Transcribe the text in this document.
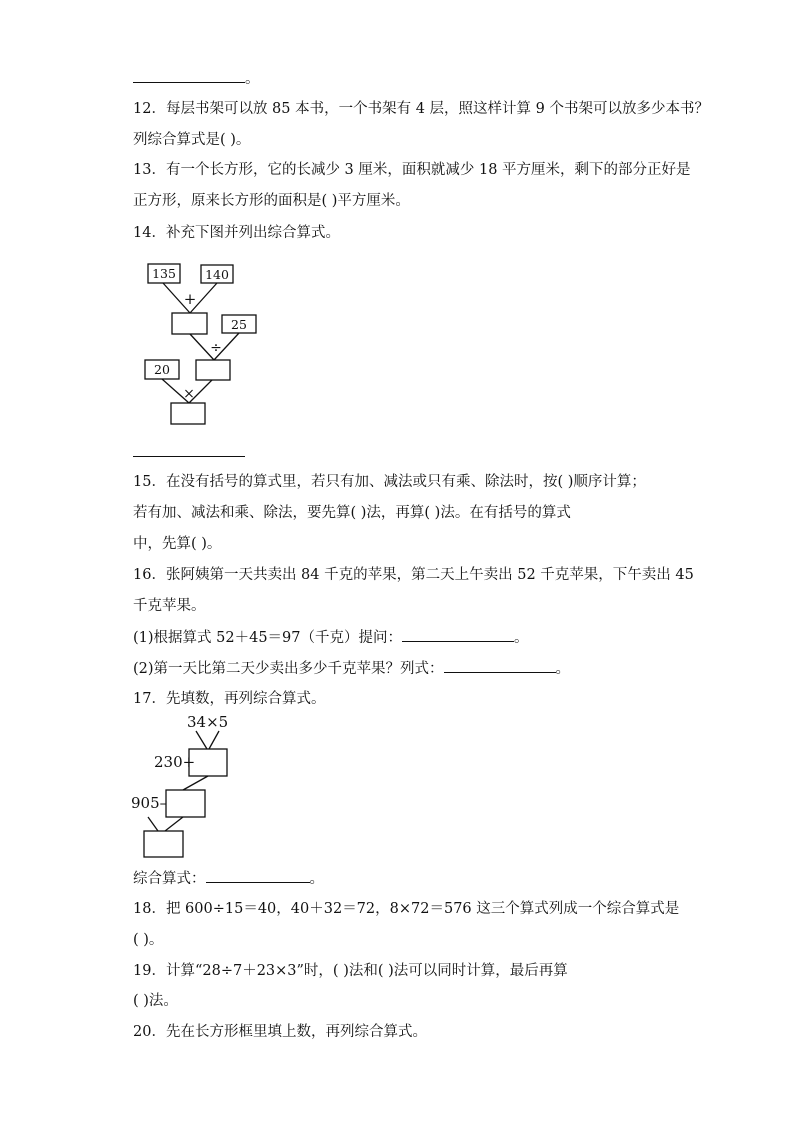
。
12．每层书架可以放 85 本书，一个书架有 4 层，照这样计算 9 个书架可以放多少本书？
列综合算式是( )。
13．有一个长方形，它的长减少 3 厘米，面积就减少 18 平方厘米，剩下的部分正好是
正方形，原来长方形的面积是( )平方厘米。
14．补充下图并列出综合算式。
135 140
+
25
÷
20
×
15．在没有括号的算式里，若只有加、减法或只有乘、除法时，按( )顺序计算；
若有加、减法和乘、除法，要先算( )法，再算( )法。在有括号的算式
中，先算( )。
16．张阿姨第一天共卖出 84 千克的苹果，第二天上午卖出 52 千克苹果，下午卖出 45
千克苹果。
(1)根据算式 52＋45＝97（千克）提问：	。
(2)第一天比第二天少卖出多少千克苹果？列式：	。
17．先填数，再列综合算式。
34×5
230+
905–
综合算式：	。
18．把 600÷15＝40，40＋32＝72，8×72＝576 这三个算式列成一个综合算式是
( )。
19．计算“28÷7＋23×3”时，( )法和( )法可以同时计算，最后再算
( )法。
20．先在长方形框里填上数，再列综合算式。
